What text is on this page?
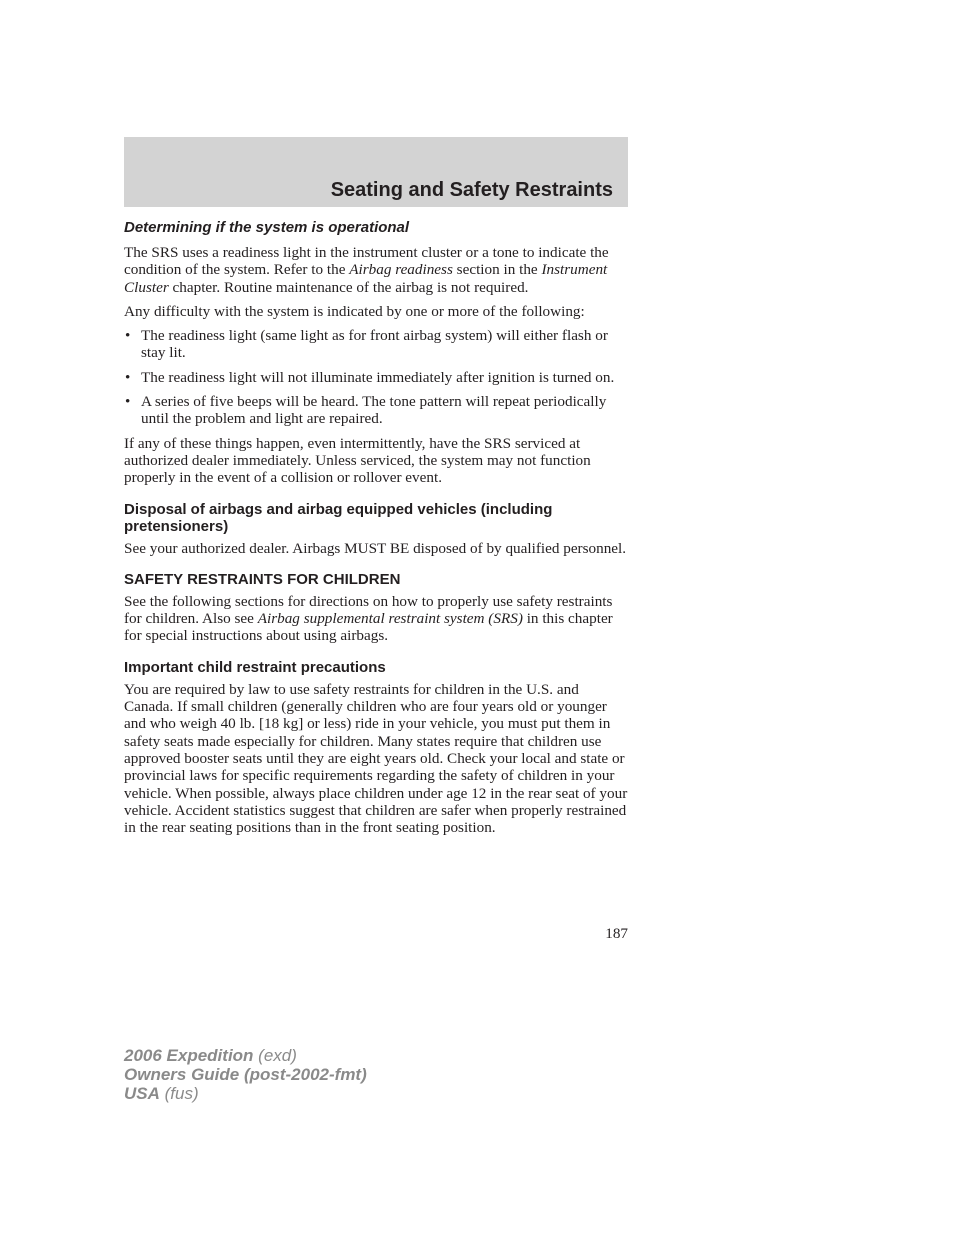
Seating and Safety Restraints
Determining if the system is operational

The SRS uses a readiness light in the instrument cluster or a tone to indicate the condition of the system. Refer to the Airbag readiness section in the Instrument Cluster chapter. Routine maintenance of the airbag is not required.

Any difficulty with the system is indicated by one or more of the following:

• The readiness light (same light as for front airbag system) will either flash or stay lit.
• The readiness light will not illuminate immediately after ignition is turned on.
• A series of five beeps will be heard. The tone pattern will repeat periodically until the problem and light are repaired.

If any of these things happen, even intermittently, have the SRS serviced at authorized dealer immediately. Unless serviced, the system may not function properly in the event of a collision or rollover event.

Disposal of airbags and airbag equipped vehicles (including pretensioners)

See your authorized dealer. Airbags MUST BE disposed of by qualified personnel.

SAFETY RESTRAINTS FOR CHILDREN

See the following sections for directions on how to properly use safety restraints for children. Also see Airbag supplemental restraint system (SRS) in this chapter for special instructions about using airbags.

Important child restraint precautions

You are required by law to use safety restraints for children in the U.S. and Canada. If small children (generally children who are four years old or younger and who weigh 40 lb. [18 kg] or less) ride in your vehicle, you must put them in safety seats made especially for children. Many states require that children use approved booster seats until they are eight years old. Check your local and state or provincial laws for specific requirements regarding the safety of children in your vehicle. When possible, always place children under age 12 in the rear seat of your vehicle. Accident statistics suggest that children are safer when properly restrained in the rear seating positions than in the front seating position.

187
2006 Expedition (exd)
Owners Guide (post-2002-fmt)
USA (fus)
